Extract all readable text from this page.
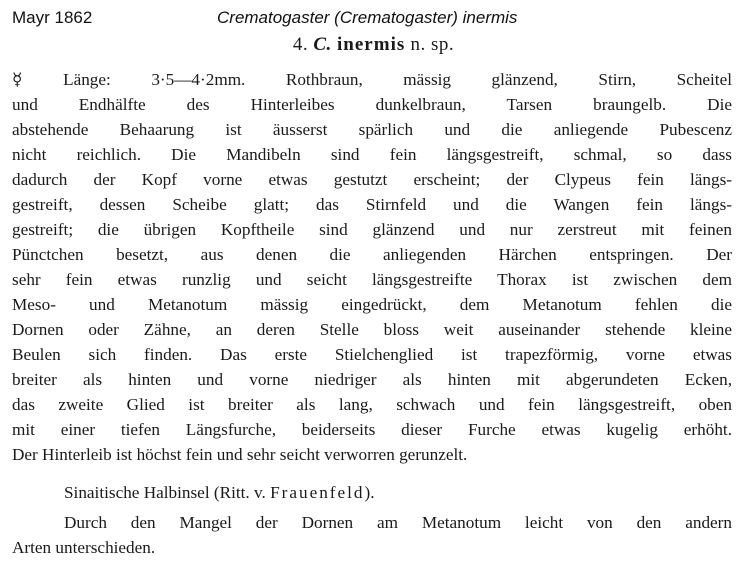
Mayr 1862	Crematogaster (Crematogaster) inermis
4. C. inermis n. sp.
☿ Länge: 3·5—4·2mm. Rothbraun, mässig glänzend, Stirn, Scheitel
und Endhälfte des Hinterleibes dunkelbraun, Tarsen braungelb. Die
abstehende Behaarung ist äusserst spärlich und die anliegende Pubescenz
nicht reichlich. Die Mandibeln sind fein längsgestreift, schmal, so dass
dadurch der Kopf vorne etwas gestutzt erscheint; der Clypeus fein längs-
gestreift, dessen Scheibe glatt; das Stirnfeld und die Wangen fein längs-
gestreift; die übrigen Kopftheile sind glänzend und nur zerstreut mit feinen
Pünctchen besetzt, aus denen die anliegenden Härchen entspringen. Der
sehr fein etwas runzlig und seicht längsgestreifte Thorax ist zwischen dem
Meso- und Metanotum mässig eingedrückt, dem Metanotum fehlen die
Dornen oder Zähne, an deren Stelle bloss weit auseinander stehende kleine
Beulen sich finden. Das erste Stielchenglied ist trapezförmig, vorne etwas
breiter als hinten und vorne niedriger als hinten mit abgerundeten Ecken,
das zweite Glied ist breiter als lang, schwach und fein längsgestreift, oben
mit einer tiefen Längsfurche, beiderseits dieser Furche etwas kugelig erhöht.
Der Hinterleib ist höchst fein und sehr seicht verworren gerunzelt.
Sinaitische Halbinsel (Ritt. v. Frauenfeld).
Durch den Mangel der Dornen am Metanotum leicht von den andern
Arten unterschieden.
